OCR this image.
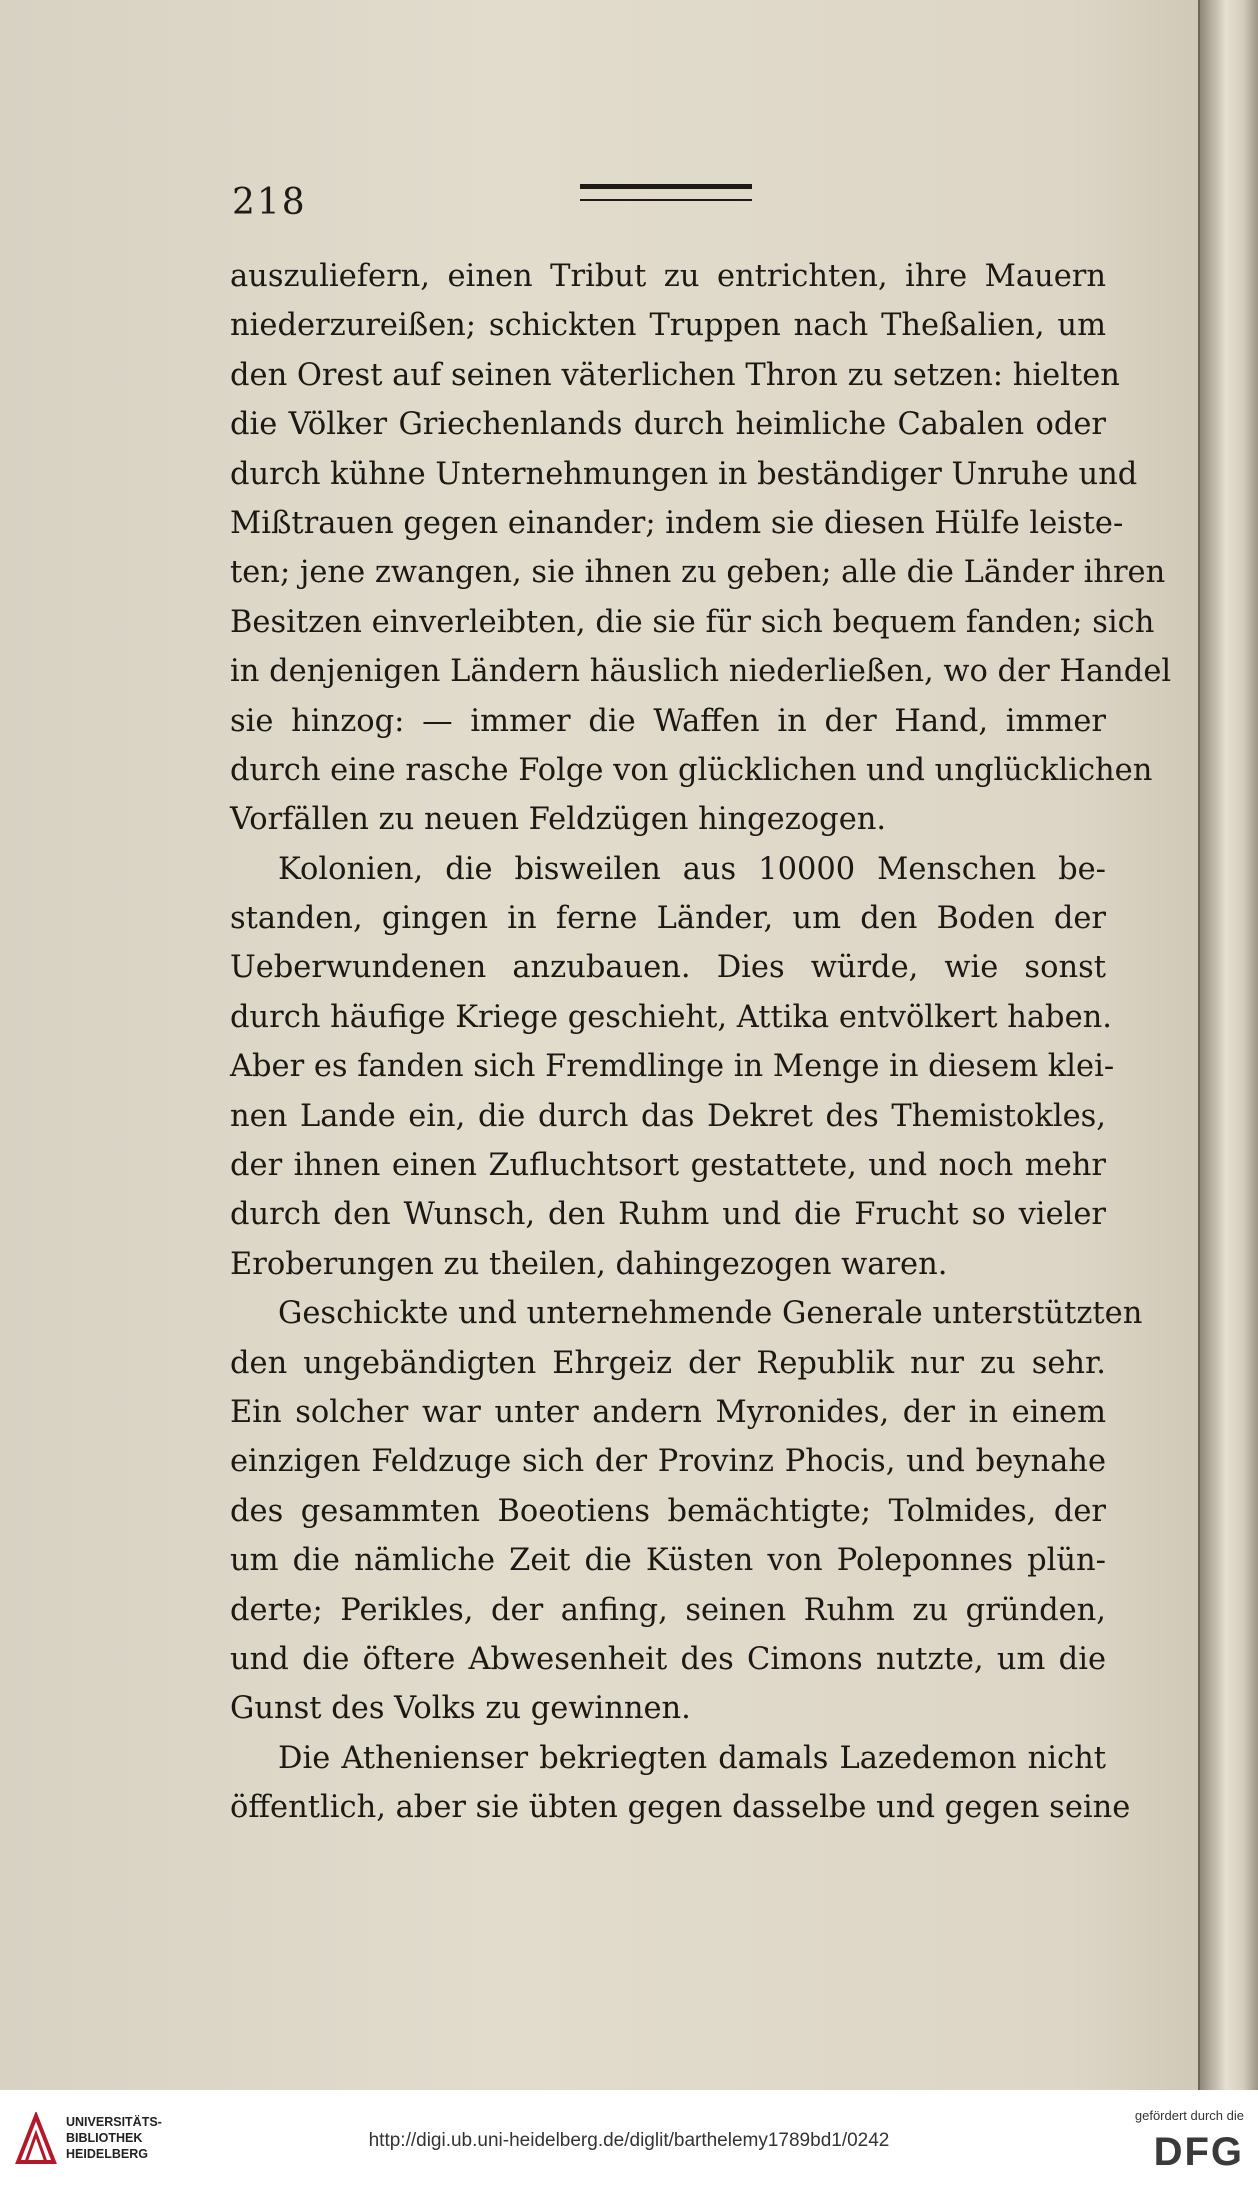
218
auszuliefern, einen Tribut zu entrichten, ihre Mauern
niederzureißen; schickten Truppen nach Theßalien, um
den Orest auf seinen väterlichen Thron zu setzen: hielten
die Völker Griechenlands durch heimliche Cabalen oder
durch kühne Unternehmungen in beständiger Unruhe und
Mißtrauen gegen einander; indem sie diesen Hülfe leiste-
ten; jene zwangen, sie ihnen zu geben; alle die Länder ihren
Besitzen einverleibten, die sie für sich bequem fanden; sich
in denjenigen Ländern häuslich niederließen, wo der Handel
sie hinzog: — immer die Waffen in der Hand, immer
durch eine rasche Folge von glücklichen und unglücklichen
Vorfällen zu neuen Feldzügen hingezogen.
Kolonien, die bisweilen aus 10000 Menschen be-
standen, gingen in ferne Länder, um den Boden der
Ueberwundenen anzubauen. Dies würde, wie sonst
durch häufige Kriege geschieht, Attika entvölkert haben.
Aber es fanden sich Fremdlinge in Menge in diesem klei-
nen Lande ein, die durch das Dekret des Themistokles,
der ihnen einen Zufluchtsort gestattete, und noch mehr
durch den Wunsch, den Ruhm und die Frucht so vieler
Eroberungen zu theilen, dahingezogen waren.
Geschickte und unternehmende Generale unterstützten
den ungebändigten Ehrgeiz der Republik nur zu sehr.
Ein solcher war unter andern Myronides, der in einem
einzigen Feldzuge sich der Provinz Phocis, und beynahe
des gesammten Boeotiens bemächtigte; Tolmides, der
um die nämliche Zeit die Küsten von Poleponnes plün-
derte; Perikles, der anfing, seinen Ruhm zu gründen,
und die öftere Abwesenheit des Cimons nutzte, um die
Gunst des Volks zu gewinnen.
Die Athenienser bekriegten damals Lazedemon nicht
öffentlich, aber sie übten gegen dasselbe und gegen seine
UNIVERSITÄTS-
BIBLIOTHEK
HEIDELBERG
http://digi.ub.uni-heidelberg.de/diglit/barthelemy1789bd1/0242
gefördert durch die
DFG
